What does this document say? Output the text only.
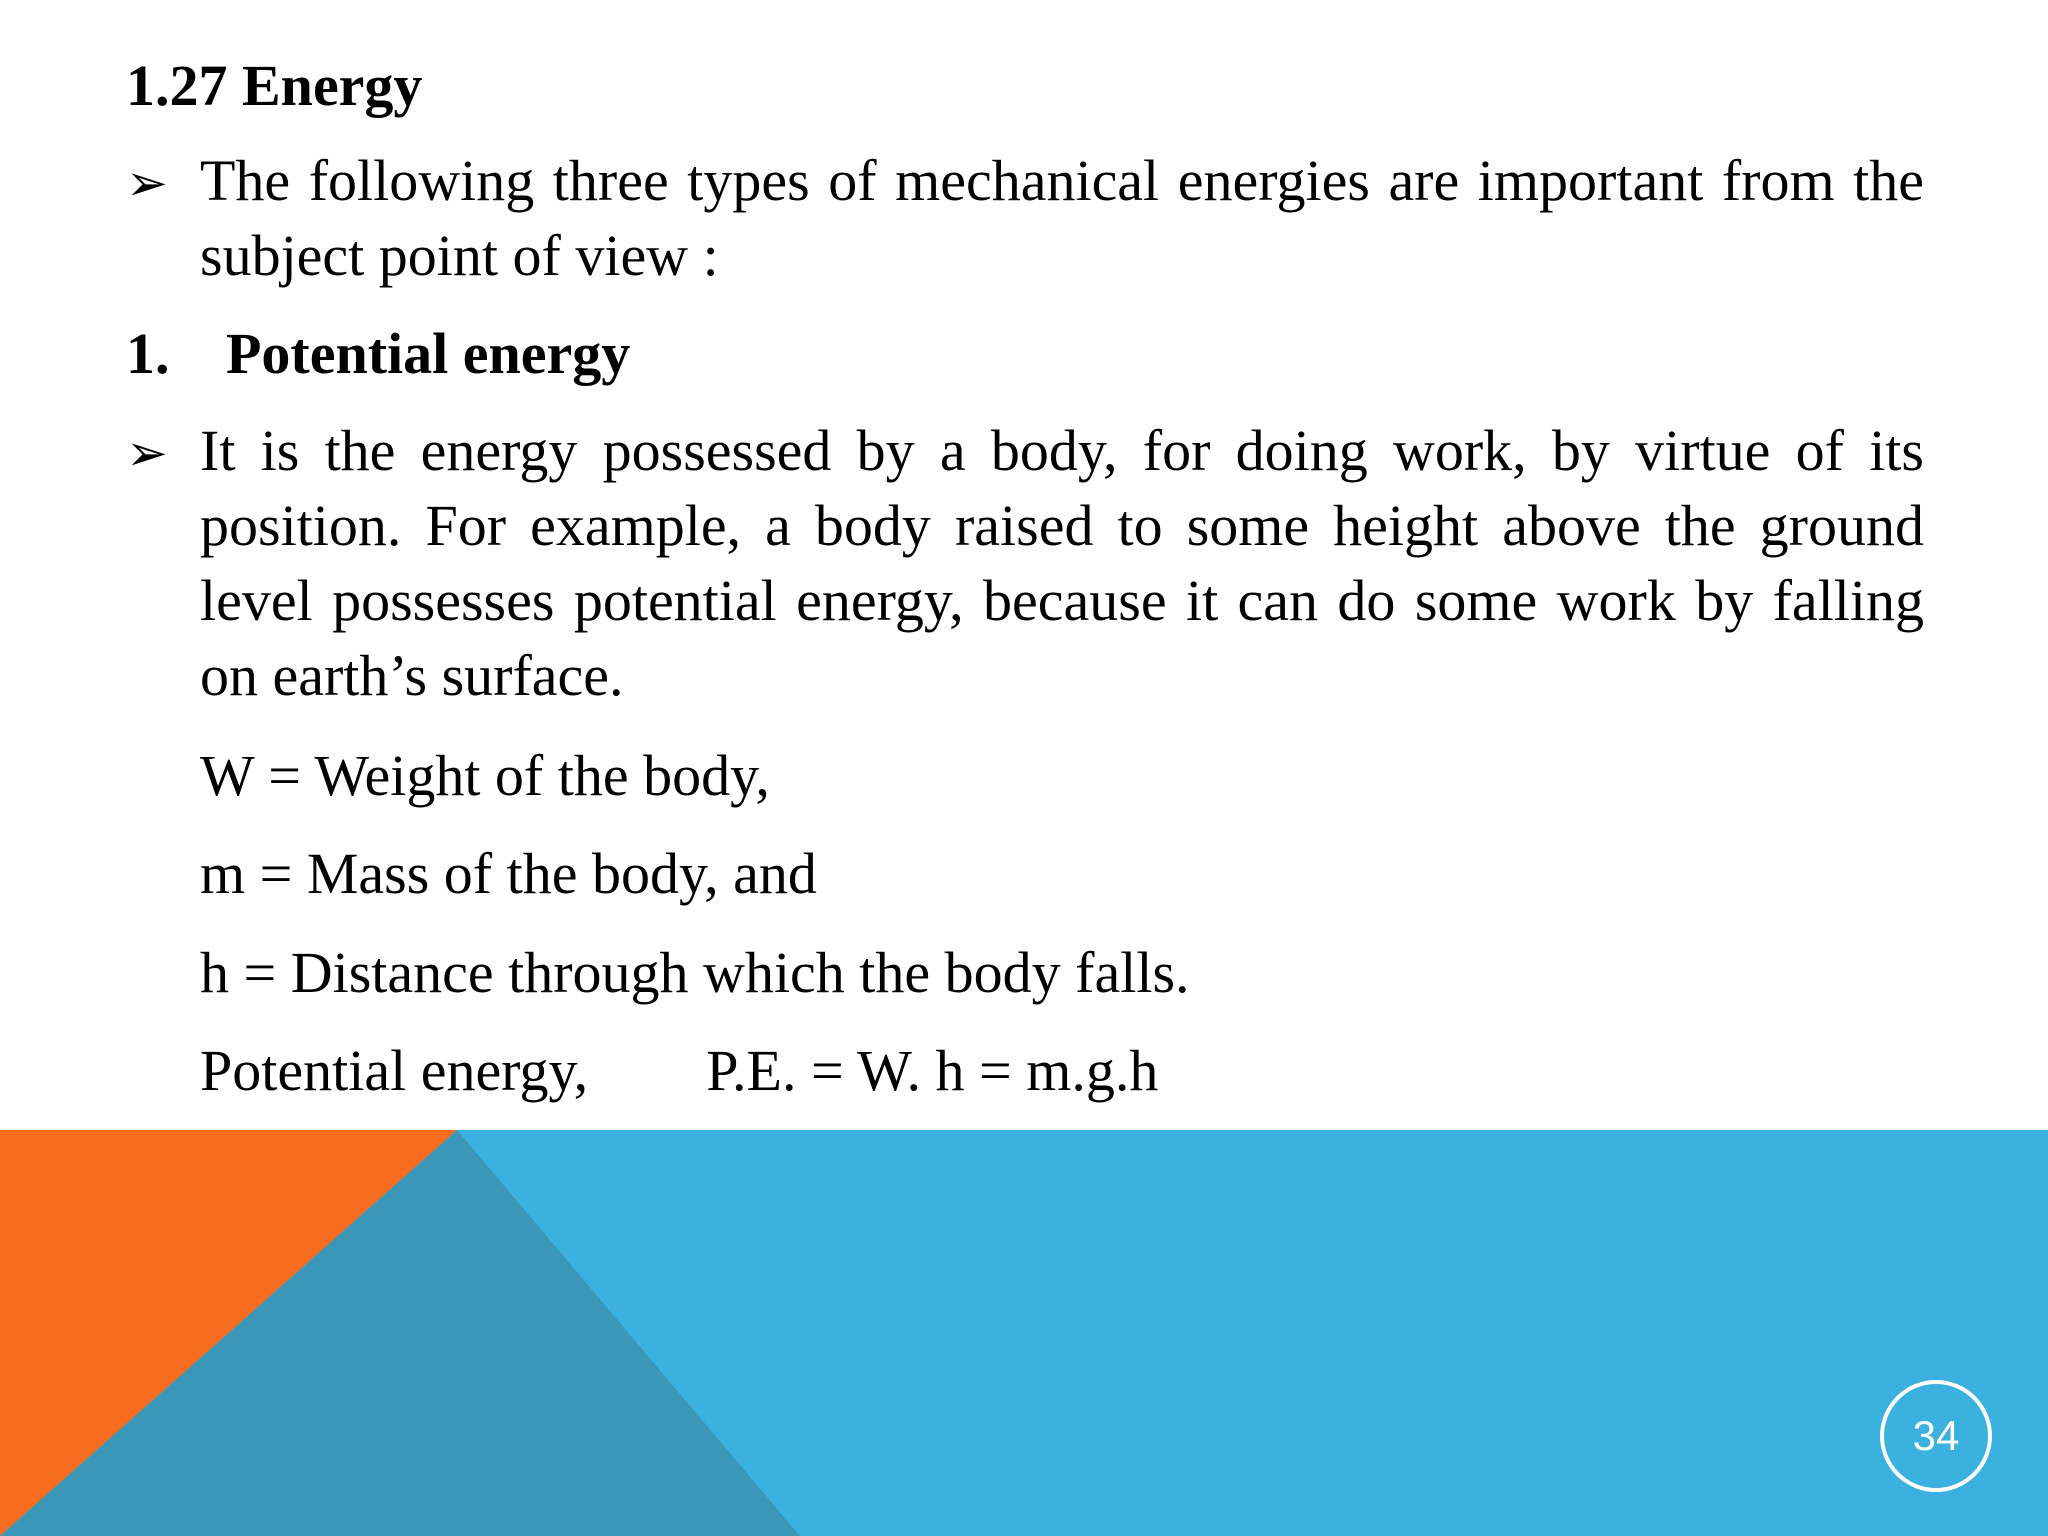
1.27 Energy
➢ The following three types of mechanical energies are important from the subject point of view :
1. Potential energy
➢ It is the energy possessed by a body, for doing work, by virtue of its position. For example, a body raised to some height above the ground level possesses potential energy, because it can do some work by falling on earth’s surface.
W = Weight of the body,
m = Mass of the body, and
h = Distance through which the body falls.
Potential energy, P.E. = W. h = m.g.h
34
